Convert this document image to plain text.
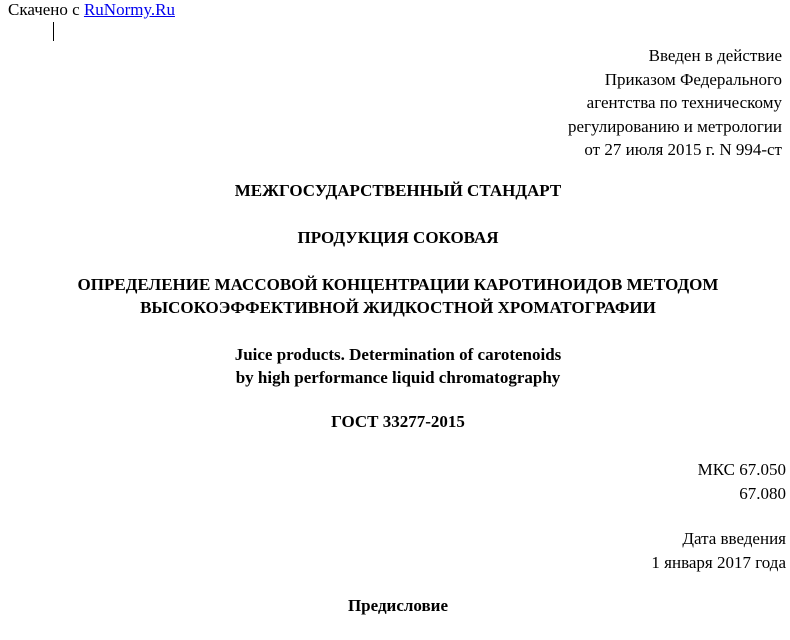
Скачено с RuNormy.Ru
Введен в действие
Приказом Федерального
агентства по техническому
регулированию и метрологии
от 27 июля 2015 г. N 994-ст
МЕЖГОСУДАРСТВЕННЫЙ СТАНДАРТ
ПРОДУКЦИЯ СОКОВАЯ
ОПРЕДЕЛЕНИЕ МАССОВОЙ КОНЦЕНТРАЦИИ КАРОТИНОИДОВ МЕТОДОМ
ВЫСОКОЭФФЕКТИВНОЙ ЖИДКОСТНОЙ ХРОМАТОГРАФИИ
Juice products. Determination of carotenoids
by high performance liquid chromatography
ГОСТ 33277-2015
МКС 67.050
67.080
Дата введения
1 января 2017 года
Предисловие
